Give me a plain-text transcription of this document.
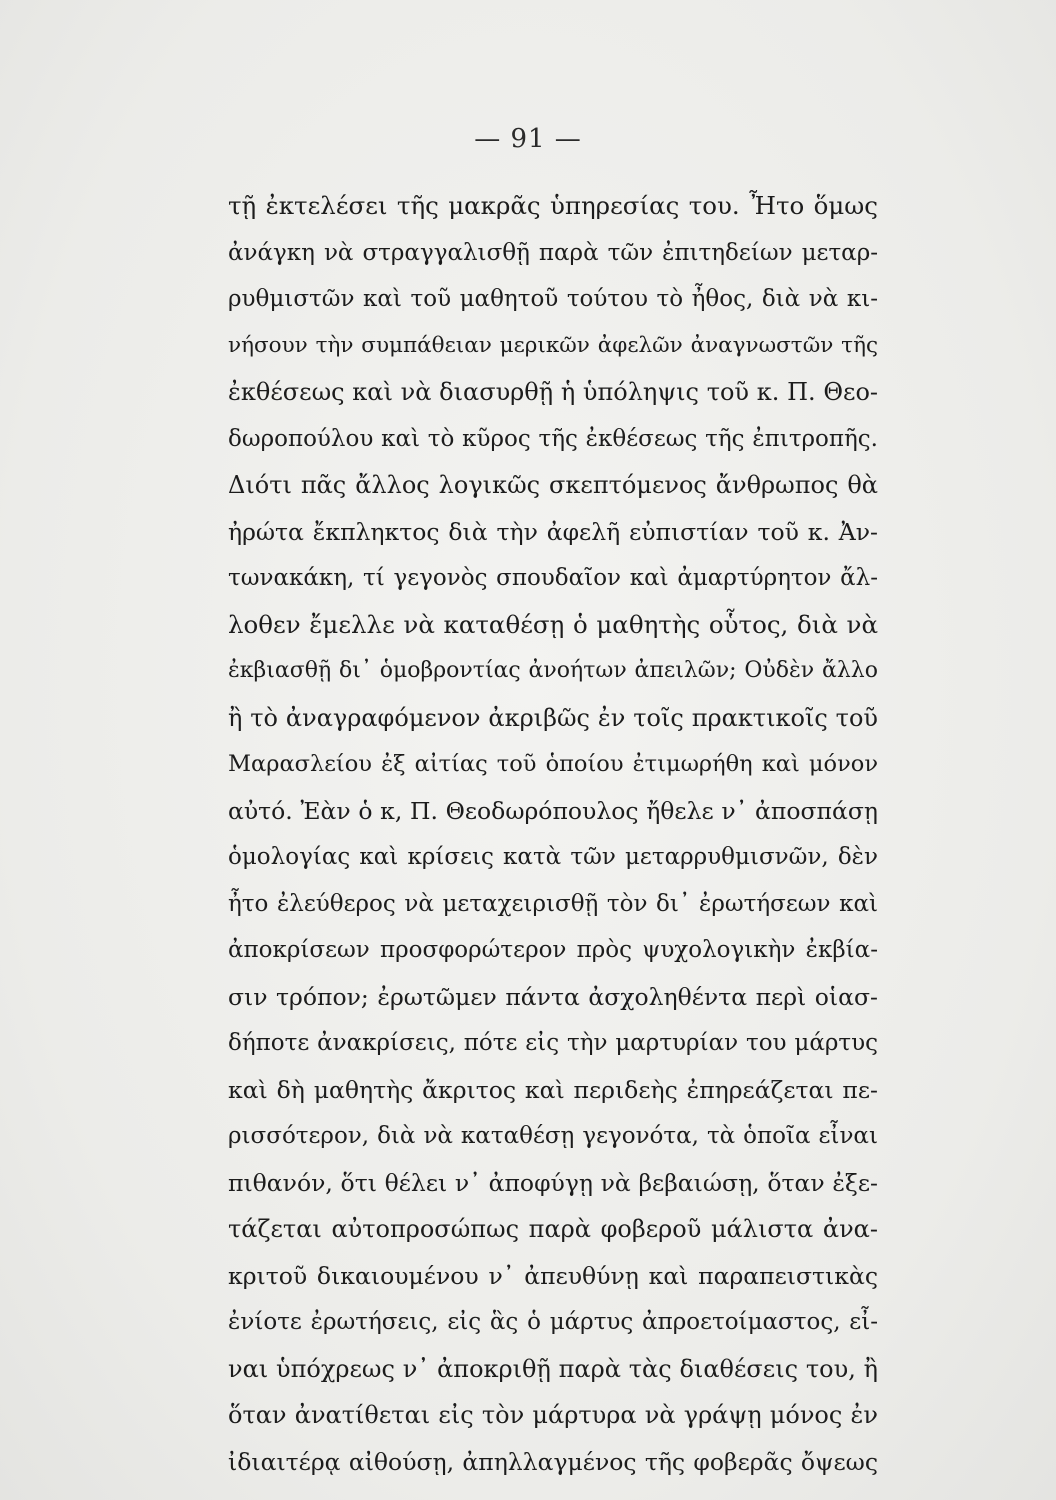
— 91 —
τῇ ἐκτελέσει τῆς μακρᾶς ὑπηρεσίας του. Ἦτο ὅμως
ἀνάγκη νὰ στραγγαλισθῇ παρὰ τῶν ἐπιτηδείων μεταρ-
ρυθμιστῶν καὶ τοῦ μαθητοῦ τούτου τὸ ἦθος, διὰ νὰ κι-
νήσουν τὴν συμπάθειαν μερικῶν ἀφελῶν ἀναγνωστῶν τῆς
ἐκθέσεως καὶ νὰ διασυρθῇ ἡ ὑπόληψις τοῦ κ. Π. Θεο-
δωροπούλου καὶ τὸ κῦρος τῆς ἐκθέσεως τῆς ἐπιτροπῆς.
Διότι πᾶς ἄλλος λογικῶς σκεπτόμενος ἄνθρωπος θὰ
ἠρώτα ἔκπληκτος διὰ τὴν ἀφελῆ εὐπιστίαν τοῦ κ. Ἀν-
τωνακάκη, τί γεγονὸς σπουδαῖον καὶ ἀμαρτύρητον ἄλ-
λοθεν ἔμελλε νὰ καταθέσῃ ὁ μαθητὴς οὗτος, διὰ νὰ
ἐκβιασθῇ δι᾽ ὁμοβροντίας ἀνοήτων ἀπειλῶν; Οὐδὲν ἄλλο
ἢ τὸ ἀναγραφόμενον ἀκριβῶς ἐν τοῖς πρακτικοῖς τοῦ
Μαρασλείου ἐξ αἰτίας τοῦ ὁποίου ἐτιμωρήθη καὶ μόνον
αὐτό. Ἐὰν ὁ κ, Π. Θεοδωρόπουλος ἤθελε ν᾽ ἀποσπάσῃ
ὁμολογίας καὶ κρίσεις κατὰ τῶν μεταρρυθμισνῶν, δὲν
ἦτο ἐλεύθερος νὰ μεταχειρισθῇ τὸν δι᾽ ἐρωτήσεων καὶ
ἀποκρίσεων προσφορώτερον πρὸς ψυχολογικὴν ἐκβία-
σιν τρόπον; ἐρωτῶμεν πάντα ἀσχοληθέντα περὶ οἱασ-
δήποτε ἀνακρίσεις, πότε εἰς τὴν μαρτυρίαν του μάρτυς
καὶ δὴ μαθητὴς ἄκριτος καὶ περιδεὴς ἐπηρεάζεται πε-
ρισσότερον, διὰ νὰ καταθέσῃ γεγονότα, τὰ ὁποῖα εἶναι
πιθανόν, ὅτι θέλει ν᾽ ἀποφύγῃ νὰ βεβαιώσῃ, ὅταν ἐξε-
τάζεται αὐτοπροσώπως παρὰ φοβεροῦ μάλιστα ἀνα-
κριτοῦ δικαιουμένου ν᾽ ἀπευθύνῃ καὶ παραπειστικὰς
ἐνίοτε ἐρωτήσεις, εἰς ἃς ὁ μάρτυς ἀπροετοίμαστος, εἶ-
ναι ὑπόχρεως ν᾽ ἀποκριθῇ παρὰ τὰς διαθέσεις του, ἢ
ὅταν ἀνατίθεται εἰς τὸν μάρτυρα νὰ γράψῃ μόνος ἐν
ἰδιαιτέρᾳ αἰθούσῃ, ἀπηλλαγμένος τῆς φοβερᾶς ὄψεως
